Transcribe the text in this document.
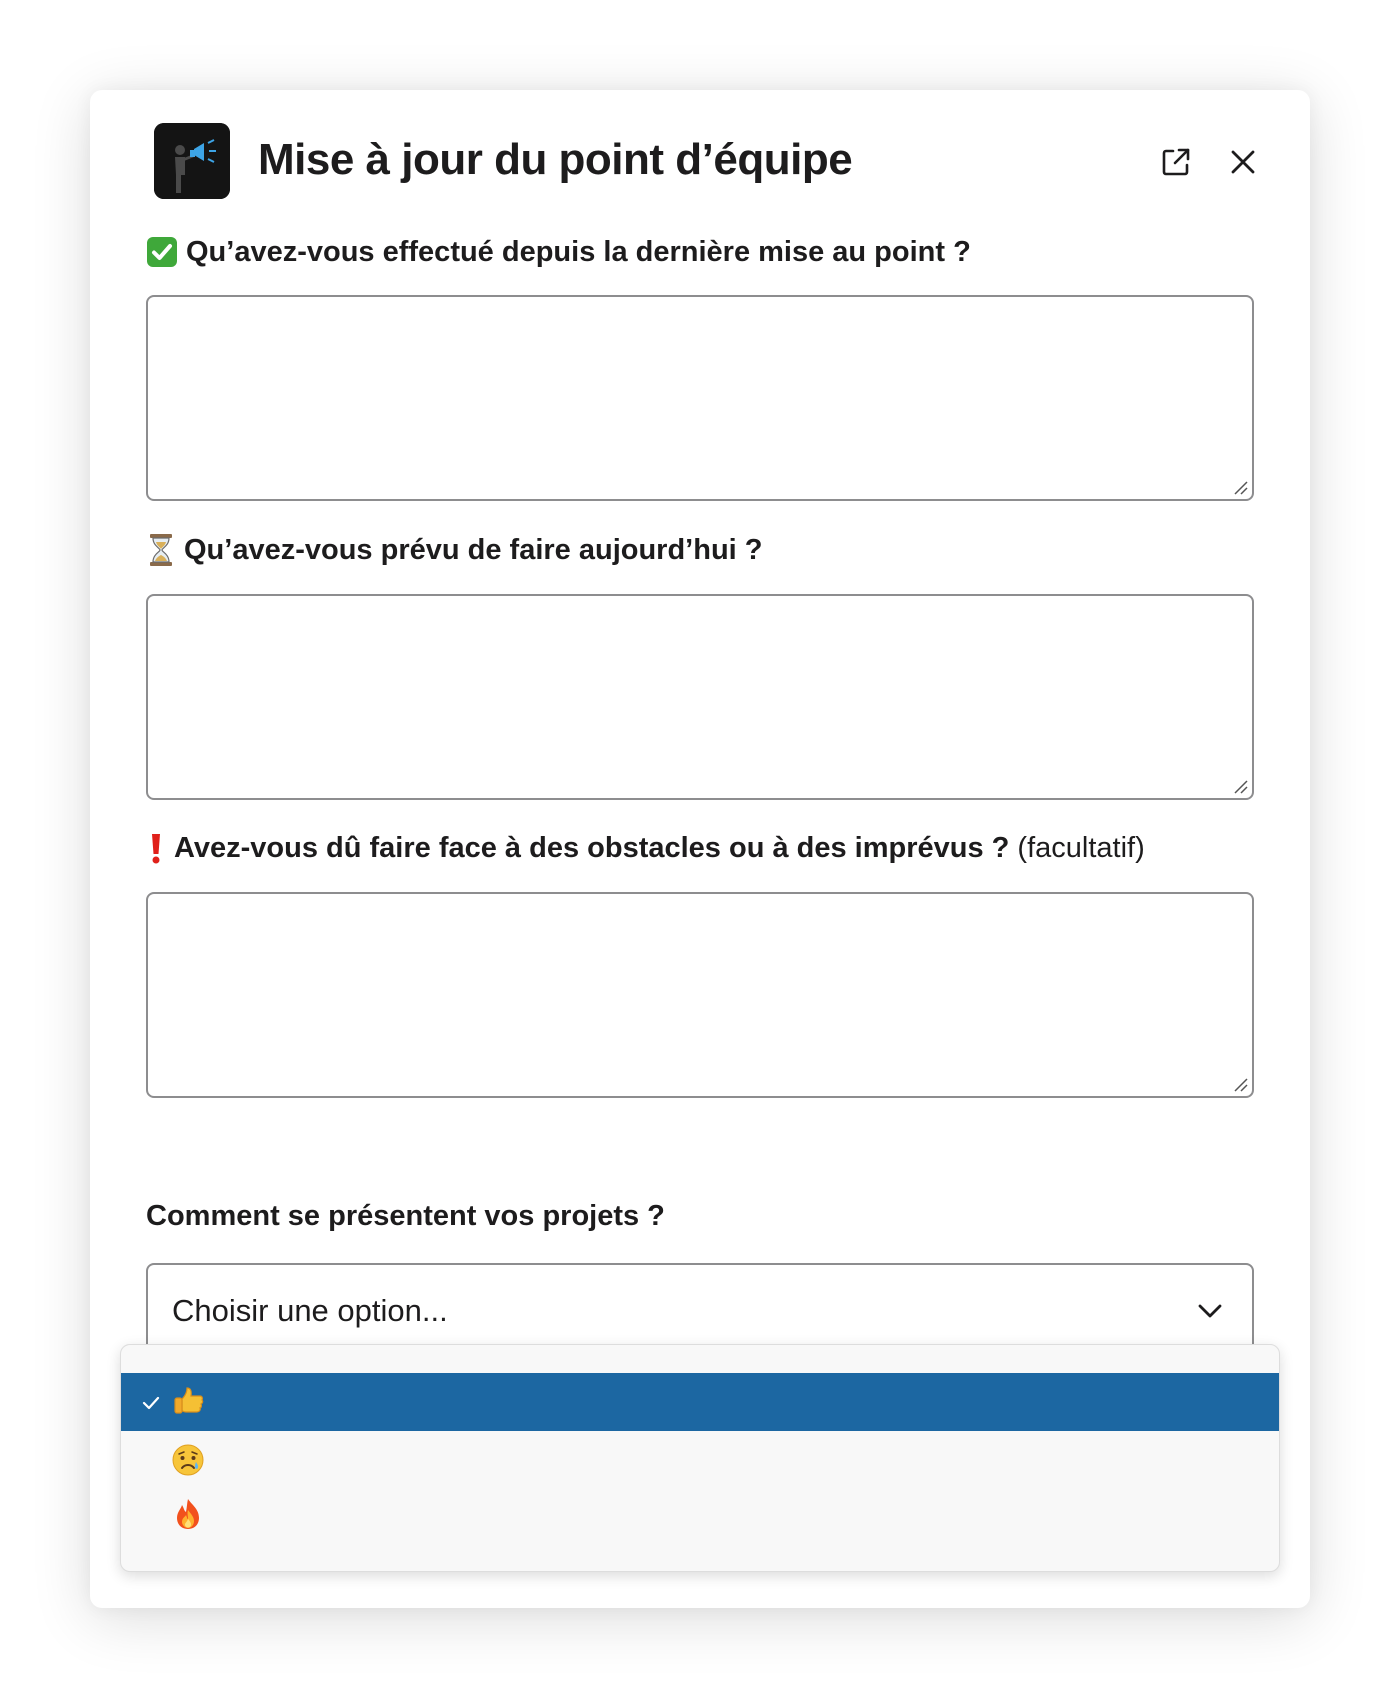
Mise à jour du point d’équipe
Qu’avez-vous effectué depuis la dernière mise au point ?
Qu’avez-vous prévu de faire aujourd’hui ?
Avez-vous dû faire face à des obstacles ou à des imprévus ? (facultatif)
Comment se présentent vos projets ?
Choisir une option...
